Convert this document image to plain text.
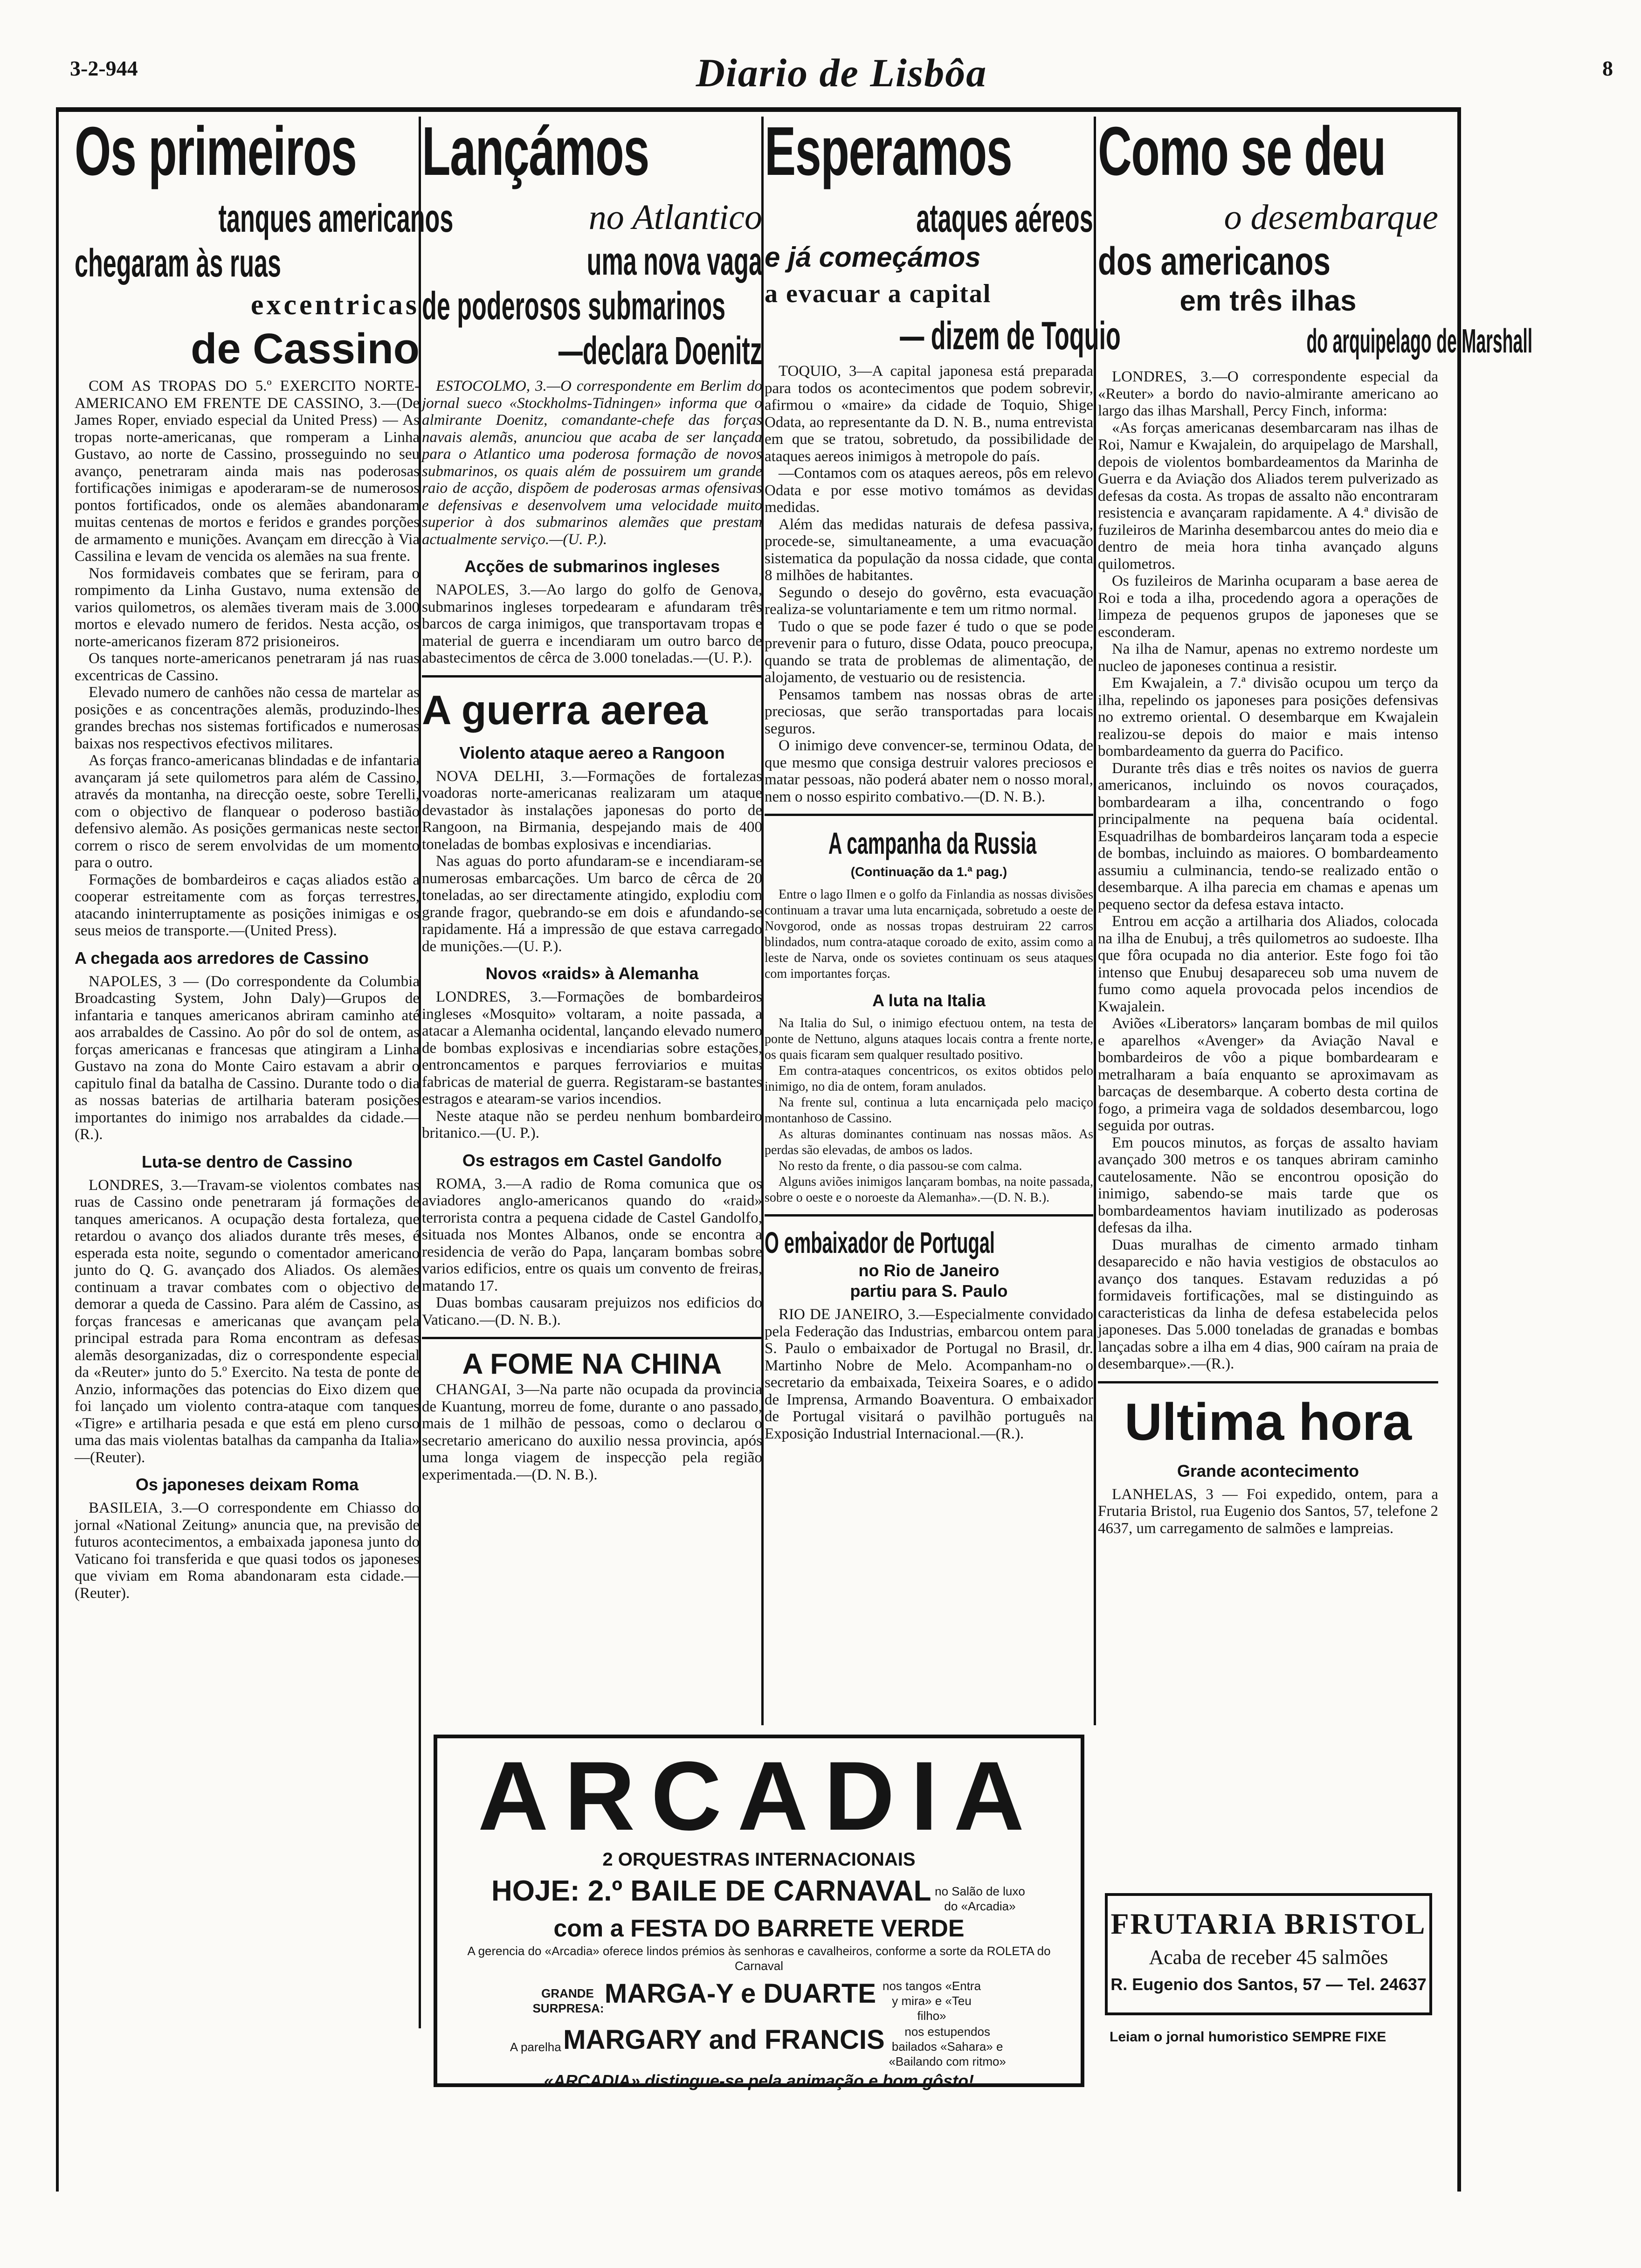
3-2-944	Diario de Lisbôa	8
Os primeiros
tanques americanos
chegaram às ruas
excentricas
de Cassino

COM AS TROPAS DO 5.º EXERCITO NORTE-AMERICANO EM FRENTE DE CASSINO, 3.—(De James Roper, enviado especial da United Press) — As tropas norte-americanas, que romperam a Linha Gustavo, ao norte de Cassino, prosseguindo no seu avanço, penetraram ainda mais nas poderosas fortificações inimigas e apoderaram-se de numerosos pontos fortificados, onde os alemães abandonaram muitas centenas de mortos e feridos e grandes porções de armamento e munições. Avançam em direcção à Via Cassilina e levam de vencida os alemães na sua frente.

Nos formidaveis combates que se feriram, para o rompimento da Linha Gustavo, numa extensão de varios quilometros, os alemães tiveram mais de 3.000 mortos e elevado numero de feridos. Nesta acção, os norte-americanos fizeram 872 prisioneiros.

Os tanques norte-americanos penetraram já nas ruas excentricas de Cassino.

Elevado numero de canhões não cessa de martelar as posições e as concentrações alemãs, produzindo-lhes grandes brechas nos sistemas fortificados e numerosas baixas nos respectivos efectivos militares.

As forças franco-americanas blindadas e de infantaria avançaram já sete quilometros para além de Cassino, através da montanha, na direcção oeste, sobre Terelli, com o objectivo de flanquear o poderoso bastião defensivo alemão. As posições germanicas neste sector correm o risco de serem envolvidas de um momento para o outro.

Formações de bombardeiros e caças aliados estão a cooperar estreitamente com as forças terrestres, atacando ininterruptamente as posições inimigas e os seus meios de transporte.—(United Press).

A chegada aos arredores de Cassino

NAPOLES, 3 — (Do correspondente da Columbia Broadcasting System, John Daly)—Grupos de infantaria e tanques americanos abriram caminho até aos arrabaldes de Cassino. Ao pôr do sol de ontem, as forças americanas e francesas que atingiram a Linha Gustavo na zona do Monte Cairo estavam a abrir o capitulo final da batalha de Cassino. Durante todo o dia as nossas baterias de artilharia bateram posições importantes do inimigo nos arrabaldes da cidade.—(R.).

Luta-se dentro de Cassino

LONDRES, 3.—Travam-se violentos combates nas ruas de Cassino onde penetraram já formações de tanques americanos. A ocupação desta fortaleza, que retardou o avanço dos aliados durante três meses, é esperada esta noite, segundo o comentador americano junto do Q. G. avançado dos Aliados. Os alemães continuam a travar combates com o objectivo de demorar a queda de Cassino. Para além de Cassino, as forças francesas e americanas que avançam pela principal estrada para Roma encontram as defesas alemãs desorganizadas, diz o correspondente especial da «Reuter» junto do 5.º Exercito. Na testa de ponte de Anzio, informações das potencias do Eixo dizem que foi lançado um violento contra-ataque com tanques «Tigre» e artilharia pesada e que está em pleno curso uma das mais violentas batalhas da campanha da Italia» —(Reuter).

Os japoneses deixam Roma

BASILEIA, 3.—O correspondente em Chiasso do jornal «National Zeitung» anuncia que, na previsão de futuros acontecimentos, a embaixada japonesa junto do Vaticano foi transferida e que quasi todos os japoneses que viviam em Roma abandonaram esta cidade.—(Reuter).

Lançámos
no Atlantico
uma nova vaga
de poderosos submarinos
—declara Doenitz

ESTOCOLMO, 3.—O correspondente em Berlim do jornal sueco «Stockholms-Tidningen» informa que o almirante Doenitz, comandante-chefe das forças navais alemãs, anunciou que acaba de ser lançada para o Atlantico uma poderosa formação de novos submarinos, os quais além de possuirem um grande raio de acção, dispõem de poderosas armas ofensivas e defensivas e desenvolvem uma velocidade muito superior à dos submarinos alemães que prestam actualmente serviço.—(U. P.).

Acções de submarinos ingleses

NAPOLES, 3.—Ao largo do golfo de Genova, submarinos ingleses torpedearam e afundaram três barcos de carga inimigos, que transportavam tropas e material de guerra e incendiaram um outro barco de abastecimentos de cêrca de 3.000 toneladas.—(U. P.).

A guerra aerea
Violento ataque aereo a Rangoon

NOVA DELHI, 3.—Formações de fortalezas voadoras norte-americanas realizaram um ataque devastador às instalações japonesas do porto de Rangoon, na Birmania, despejando mais de 400 toneladas de bombas explosivas e incendiarias.

Nas aguas do porto afundaram-se e incendiaram-se numerosas embarcações. Um barco de cêrca de 20 toneladas, ao ser directamente atingido, explodiu com grande fragor, quebrando-se em dois e afundando-se rapidamente. Há a impressão de que estava carregado de munições.—(U. P.).

Novos «raids» à Alemanha

LONDRES, 3.—Formações de bombardeiros ingleses «Mosquito» voltaram, a noite passada, a atacar a Alemanha ocidental, lançando elevado numero de bombas explosivas e incendiarias sobre estações, entroncamentos e parques ferroviarios e muitas fabricas de material de guerra. Registaram-se bastantes estragos e atearam-se varios incendios.

Neste ataque não se perdeu nenhum bombardeiro britanico.—(U. P.).

Os estragos em Castel Gandolfo

ROMA, 3.—A radio de Roma comunica que os aviadores anglo-americanos quando do «raid» terrorista contra a pequena cidade de Castel Gandolfo, situada nos Montes Albanos, onde se encontra a residencia de verão do Papa, lançaram bombas sobre varios edificios, entre os quais um convento de freiras, matando 17.

Duas bombas causaram prejuizos nos edificios do Vaticano.—(D. N. B.).

A FOME NA CHINA

CHANGAI, 3—Na parte não ocupada da provincia de Kuantung, morreu de fome, durante o ano passado, mais de 1 milhão de pessoas, como o declarou o secretario americano do auxilio nessa provincia, após uma longa viagem de inspecção pela região experimentada.—(D. N. B.).

Esperamos
ataques aéreos
e já começámos
a evacuar a capital
— dizem de Toquio

TOQUIO, 3—A capital japonesa está preparada para todos os acontecimentos que podem sobrevir, afirmou o «maire» da cidade de Toquio, Shige Odata, ao representante da D. N. B., numa entrevista em que se tratou, sobretudo, da possibilidade de ataques aereos inimigos à metropole do país.

—Contamos com os ataques aereos, pôs em relevo Odata e por esse motivo tomámos as devidas medidas.

Além das medidas naturais de defesa passiva, procede-se, simultaneamente, a uma evacuação sistematica da população da nossa cidade, que conta 8 milhões de habitantes.

Segundo o desejo do govêrno, esta evacuação realiza-se voluntariamente e tem um ritmo normal.

Tudo o que se pode fazer é tudo o que se pode prevenir para o futuro, disse Odata, pouco preocupa, quando se trata de problemas de alimentação, de alojamento, de vestuario ou de resistencia.

Pensamos tambem nas nossas obras de arte preciosas, que serão transportadas para locais seguros.

O inimigo deve convencer-se, terminou Odata, de que mesmo que consiga destruir valores preciosos e matar pessoas, não poderá abater nem o nosso moral, nem o nosso espirito combativo.—(D. N. B.).

A campanha da Russia
(Continuação da 1.ª pag.)

Entre o lago Ilmen e o golfo da Finlandia as nossas divisões continuam a travar uma luta encarniçada, sobretudo a oeste de Novgorod, onde as nossas tropas destruiram 22 carros blindados, num contra-ataque coroado de exito, assim como a leste de Narva, onde os sovietes continuam os seus ataques com importantes forças.

A luta na Italia

Na Italia do Sul, o inimigo efectuou ontem, na testa de ponte de Nettuno, alguns ataques locais contra a frente norte, os quais ficaram sem qualquer resultado positivo.

Em contra-ataques concentricos, os exitos obtidos pelo inimigo, no dia de ontem, foram anulados.

Na frente sul, continua a luta encarniçada pelo maciço montanhoso de Cassino.

As alturas dominantes continuam nas nossas mãos. As perdas são elevadas, de ambos os lados.

No resto da frente, o dia passou-se com calma.

Alguns aviões inimigos lançaram bombas, na noite passada, sobre o oeste e o noroeste da Alemanha».—(D. N. B.).

O embaixador de Portugal
no Rio de Janeiro
partiu para S. Paulo

RIO DE JANEIRO, 3.—Especialmente convidado pela Federação das Industrias, embarcou ontem para S. Paulo o embaixador de Portugal no Brasil, dr. Martinho Nobre de Melo. Acompanham-no o secretario da embaixada, Teixeira Soares, e o adido de Imprensa, Armando Boaventura. O embaixador de Portugal visitará o pavilhão português na Exposição Industrial Internacional.—(R.).

Como se deu
o desembarque
dos americanos
em três ilhas
do arquipelago de Marshall

LONDRES, 3.—O correspondente especial da «Reuter» a bordo do navio-almirante americano ao largo das ilhas Marshall, Percy Finch, informa:

«As forças americanas desembarcaram nas ilhas de Roi, Namur e Kwajalein, do arquipelago de Marshall, depois de violentos bombardeamentos da Marinha de Guerra e da Aviação dos Aliados terem pulverizado as defesas da costa. As tropas de assalto não encontraram resistencia e avançaram rapidamente. A 4.ª divisão de fuzileiros de Marinha desembarcou antes do meio dia e dentro de meia hora tinha avançado alguns quilometros.

Os fuzileiros de Marinha ocuparam a base aerea de Roi e toda a ilha, procedendo agora a operações de limpeza de pequenos grupos de japoneses que se esconderam.

Na ilha de Namur, apenas no extremo nordeste um nucleo de japoneses continua a resistir.

Em Kwajalein, a 7.ª divisão ocupou um terço da ilha, repelindo os japoneses para posições defensivas no extremo oriental. O desembarque em Kwajalein realizou-se depois do maior e mais intenso bombardeamento da guerra do Pacifico.

Durante três dias e três noites os navios de guerra americanos, incluindo os novos couraçados, bombardearam a ilha, concentrando o fogo principalmente na pequena baía ocidental. Esquadrilhas de bombardeiros lançaram toda a especie de bombas, incluindo as maiores. O bombardeamento assumiu a culminancia, tendo-se realizado então o desembarque. A ilha parecia em chamas e apenas um pequeno sector da defesa estava intacto.

Entrou em acção a artilharia dos Aliados, colocada na ilha de Enubuj, a três quilometros ao sudoeste. Ilha que fôra ocupada no dia anterior. Este fogo foi tão intenso que Enubuj desapareceu sob uma nuvem de fumo como aquela provocada pelos incendios de Kwajalein.

Aviões «Liberators» lançaram bombas de mil quilos e aparelhos «Avenger» da Aviação Naval e bombardeiros de vôo a pique bombardearam e metralharam a baía enquanto se aproximavam as barcaças de desembarque. A coberto desta cortina de fogo, a primeira vaga de soldados desembarcou, logo seguida por outras.

Em poucos minutos, as forças de assalto haviam avançado 300 metros e os tanques abriram caminho cautelosamente. Não se encontrou oposição do inimigo, sabendo-se mais tarde que os bombardeamentos haviam inutilizado as poderosas defesas da ilha.

Duas muralhas de cimento armado tinham desaparecido e não havia vestigios de obstaculos ao avanço dos tanques. Estavam reduzidas a pó formidaveis fortificações, mal se distinguindo as caracteristicas da linha de defesa estabelecida pelos japoneses. Das 5.000 toneladas de granadas e bombas lançadas sobre a ilha em 4 dias, 900 caíram na praia de desembarque».—(R.).

Ultima hora
Grande acontecimento

LANHELAS, 3 — Foi expedido, ontem, para a Frutaria Bristol, rua Eugenio dos Santos, 57, telefone 2 4637, um carregamento de salmões e lampreias.

FRUTARIA BRISTOL
Acaba de receber 45 salmões
R. Eugenio dos Santos, 57 — Tel. 24637
Leiam o jornal humoristico SEMPRE FIXE
ARCADIA
2 ORQUESTRAS INTERNACIONAIS
HOJE: 2.º BAILE DE CARNAVAL no Salão de luxo do «Arcadia»
com a FESTA DO BARRETE VERDE
A gerencia do «Arcadia» oferece lindos prémios às senhoras e cavalheiros, conforme a sorte da ROLETA do Carnaval
GRANDE SURPRESA: MARGA-Y e DUARTE nos tangos «Entra y mira» e «Teu filho»
A parelha MARGARY and FRANCIS nos estupendos bailados «Sahara» e «Bailando com ritmo»
«ARCADIA» distingue-se pela animação e bom gôsto!
